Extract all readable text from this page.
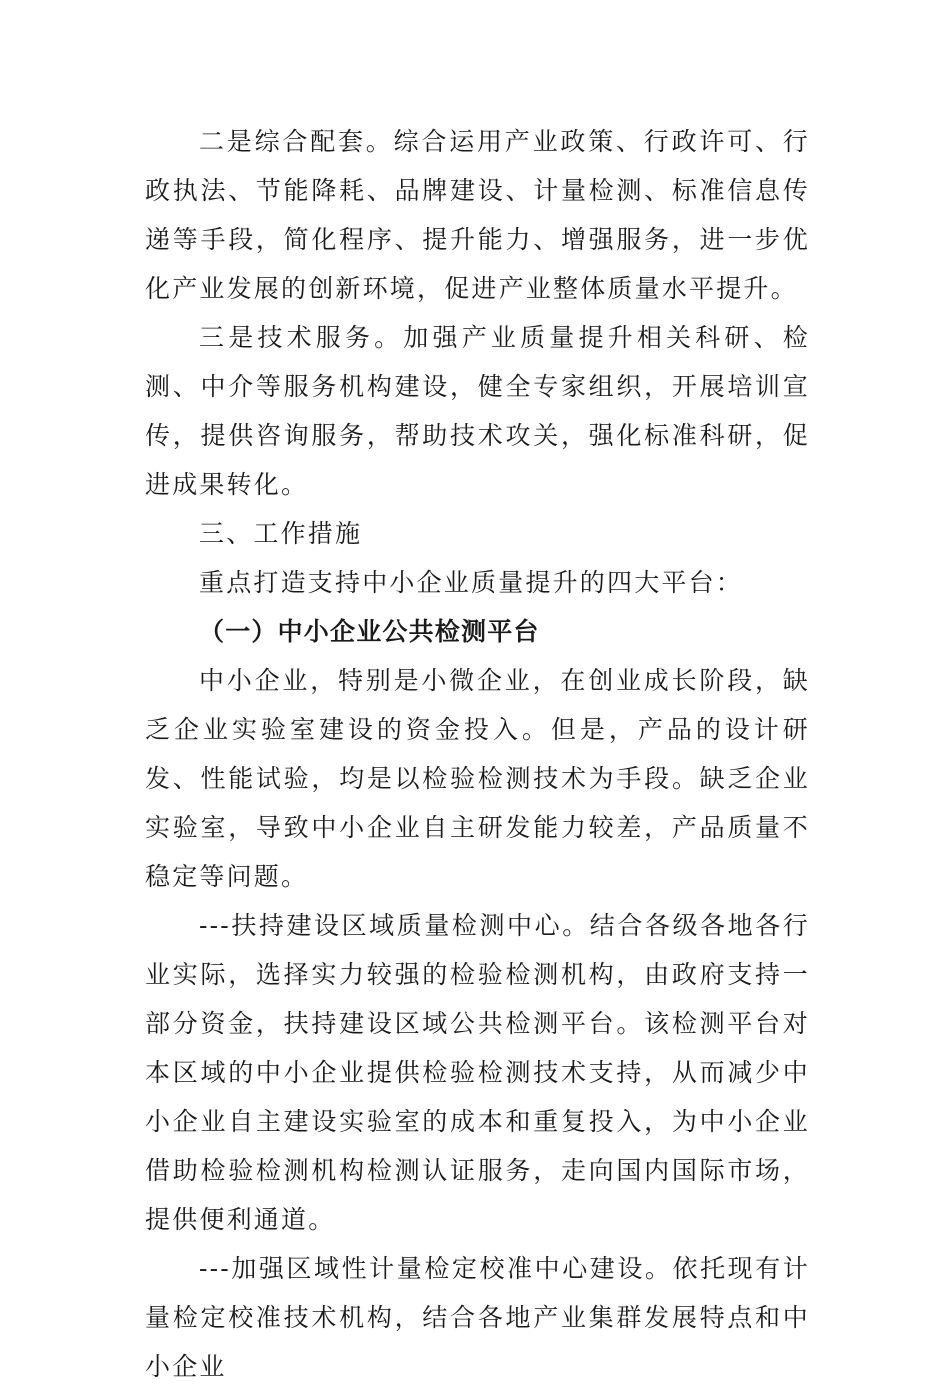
二是综合配套。综合运用产业政策、行政许可、行政执法、节能降耗、品牌建设、计量检测、标准信息传递等手段，简化程序、提升能力、增强服务，进一步优化产业发展的创新环境，促进产业整体质量水平提升。

三是技术服务。加强产业质量提升相关科研、检测、中介等服务机构建设，健全专家组织，开展培训宣传，提供咨询服务，帮助技术攻关，强化标准科研，促进成果转化。

三、工作措施

重点打造支持中小企业质量提升的四大平台：

（一）中小企业公共检测平台

中小企业，特别是小微企业，在创业成长阶段，缺乏企业实验室建设的资金投入。但是，产品的设计研发、性能试验，均是以检验检测技术为手段。缺乏企业实验室，导致中小企业自主研发能力较差，产品质量不稳定等问题。

---扶持建设区域质量检测中心。结合各级各地各行业实际，选择实力较强的检验检测机构，由政府支持一部分资金，扶持建设区域公共检测平台。该检测平台对本区域的中小企业提供检验检测技术支持，从而减少中小企业自主建设实验室的成本和重复投入，为中小企业借助检验检测机构检测认证服务，走向国内国际市场，提供便利通道。

---加强区域性计量检定校准中心建设。依托现有计量检定校准技术机构，结合各地产业集群发展特点和中小企业
